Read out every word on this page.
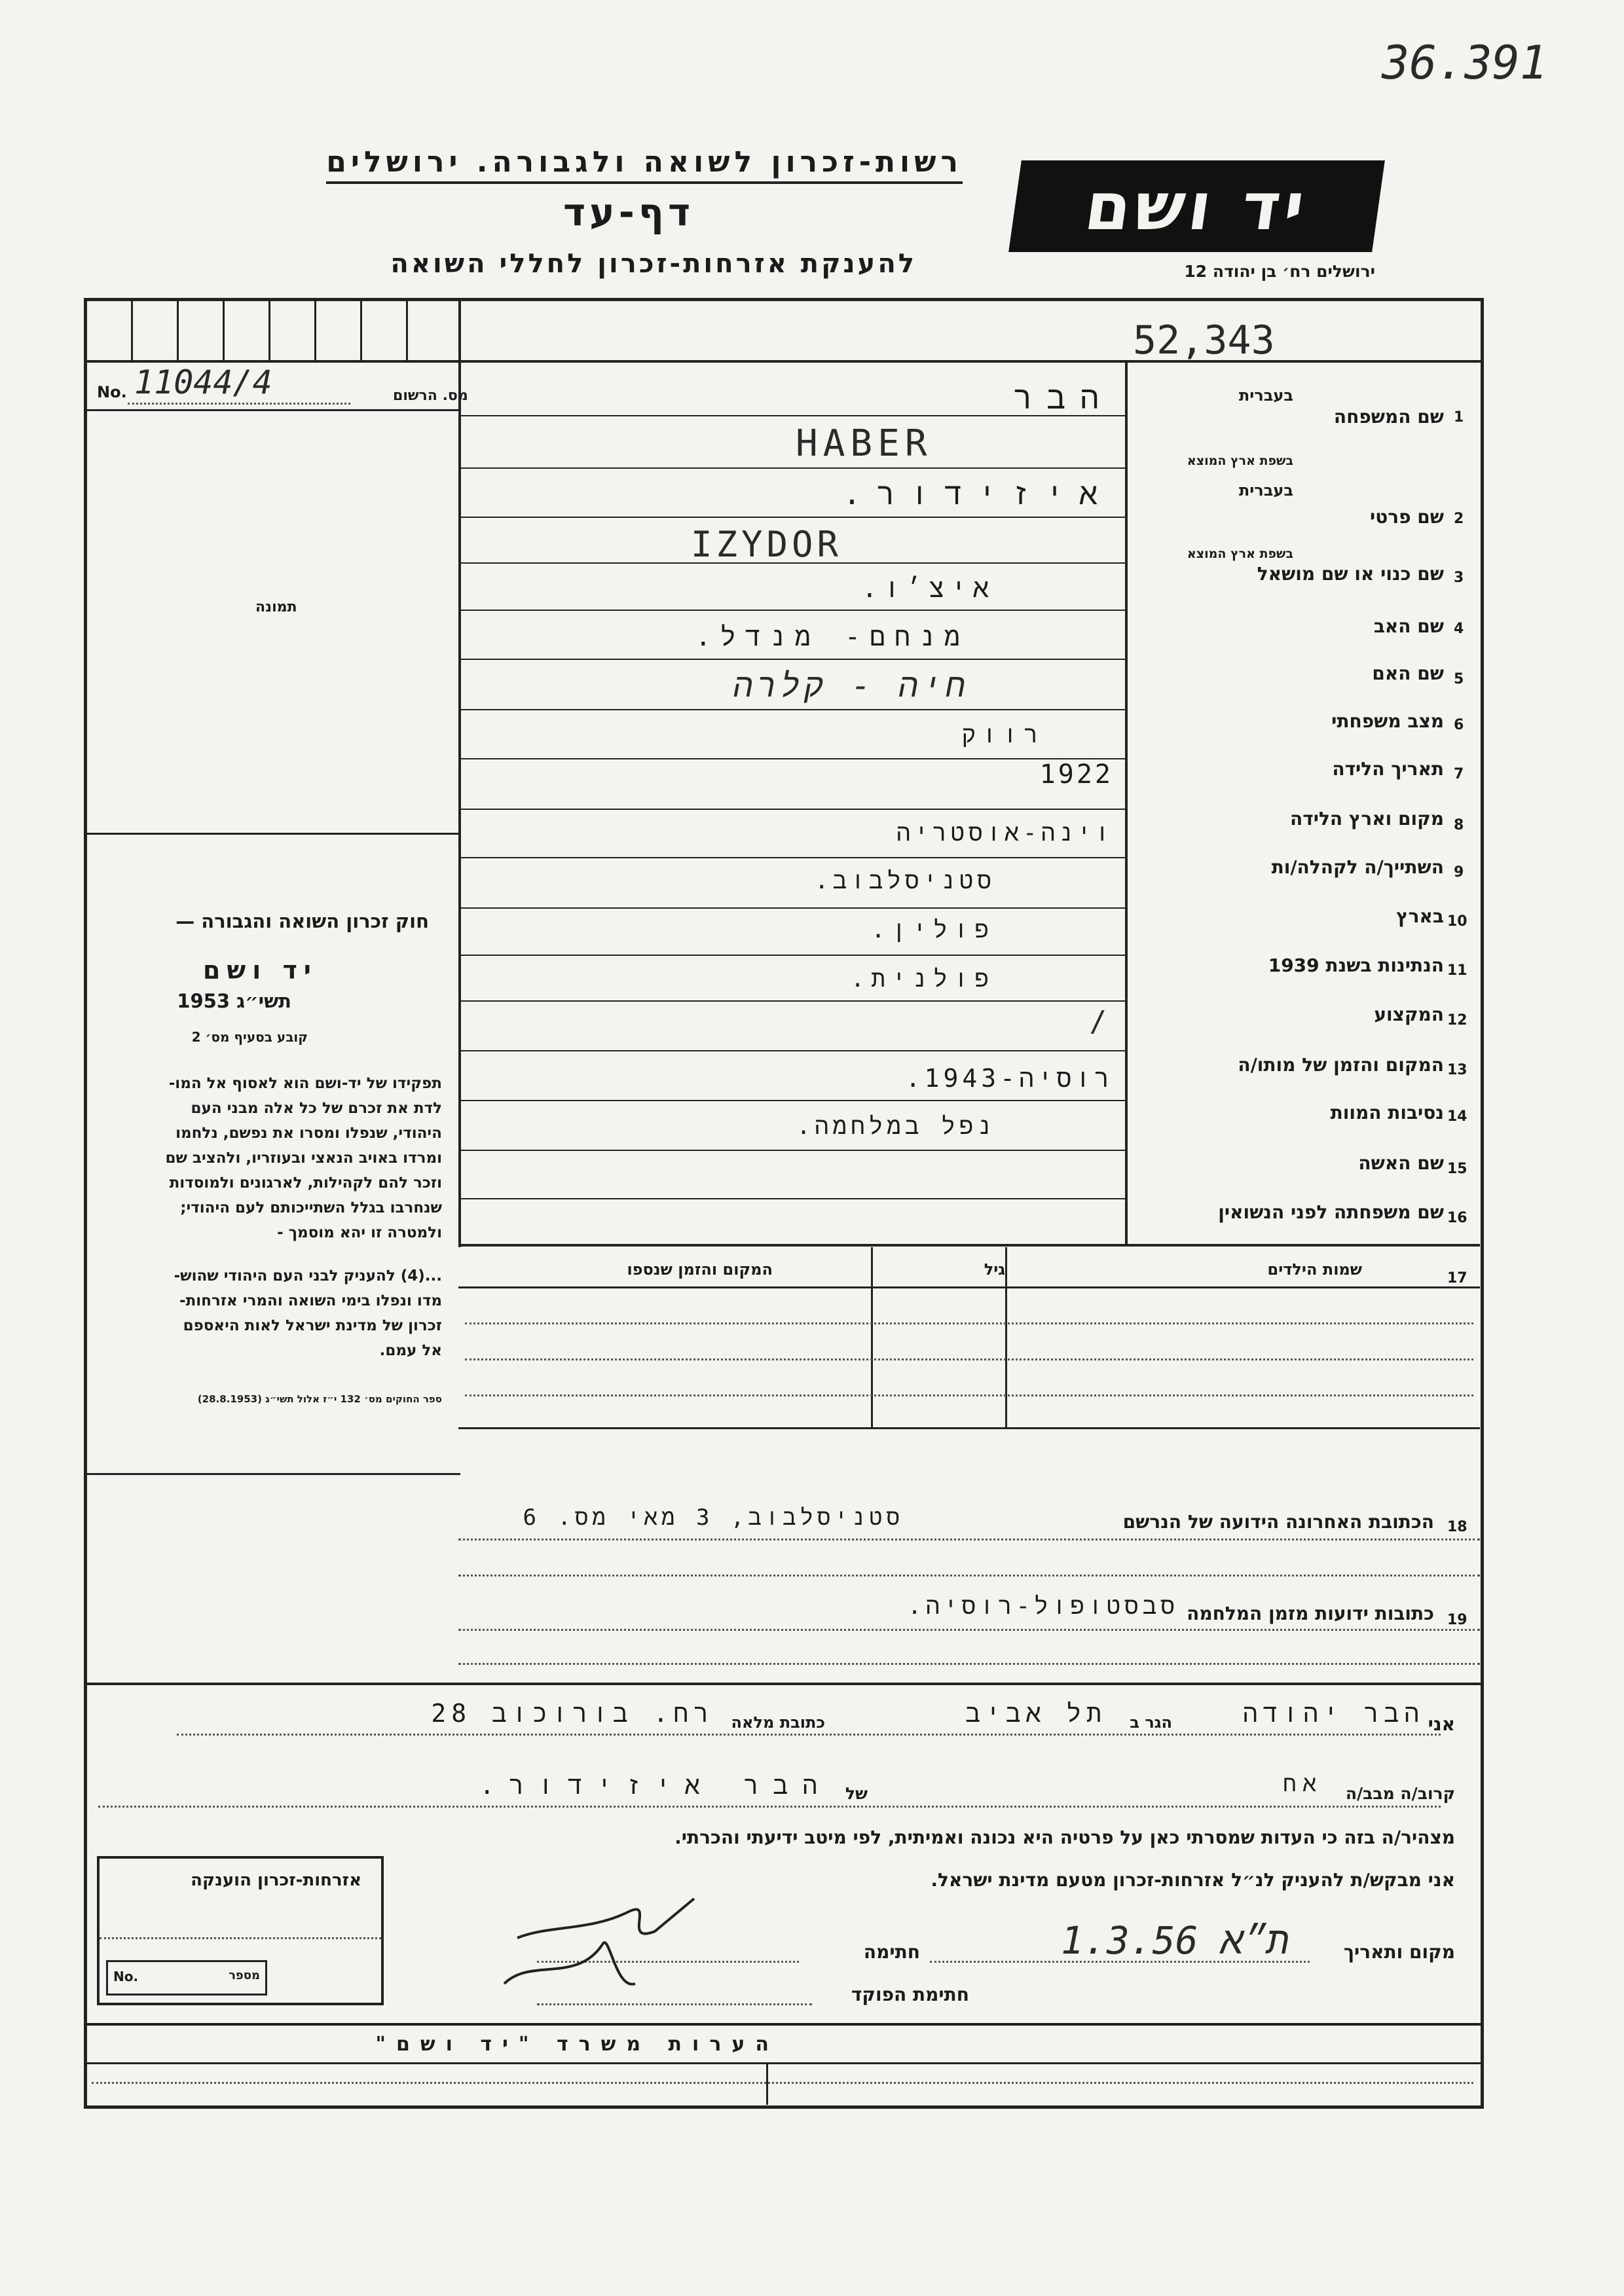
36.391
רשות-זכרון לשואה ולגבורה. ירושלים
דף-עד
להענקת אזרחות-זכרון לחללי השואה
יד ושם
ירושלים רח׳ בן יהודה 12
52,343
No. 11044/4	מס. הרשום
תמונה
חוק זכרון השואה והגבורה —
יד ושם
תשי״ג 1953
קובע בסעיף מס׳ 2
תפקידו של יד-ושם הוא לאסוף אל המו-
לדת את זכרם של כל אלה מבני העם
היהודי, שנפלו ומסרו את נפשם, נלחמו
ומרדו באויב הנאצי ובעוזריו, ולהציב שם
וזכר להם לקהילות, לארגונים ולמוסדות
שנחרבו בגלל השתייכותם לעם היהודי;
ולמטרה זו יהא מוסמך -
...(4) להעניק לבני העם היהודי שהוש-
מדו ונפלו בימי השואה והמרי אזרחות-
זכרון של מדינת ישראל לאות היאספם
אל עמם.
ספר החוקים מס׳ 132 י״ז אלול תשי״ג (28.8.1953)
1
שם המשפחה
בעברית
בשפת ארץ המוצא
הבר
HABER
2
שם פרטי
בעברית
בשפת ארץ המוצא
איזידור.
IZYDOR
3
שם כנוי או שם מושאל
איצ׳ו.
4
שם האב
מנחם- מנדל.
5
שם האם
חיה - קלרה
6
מצב משפחתי
רווק
7
תאריך הלידה
1922
8
מקום וארץ הלידה
וינה-אוסטריה
9
השתייך/ה לקהלה/ות
סטניסלבוב.
10
בארץ
פולין.
11
הנתינות בשנת 1939
פולנית.
12
המקצוע
/
13
המקום והזמן של מותו/ה
רוסיה-1943.
14
נסיבות המוות
נפל במלחמה.
15
שם האשה
16
שם משפחתה לפני הנשואין
17
שמות הילדים
גיל
המקום והזמן שנספו
18
הכתובת האחרונה הידועה של הנרשם
סטניסלבוב, 3 מאי מס. 6
19
כתובות ידועות מזמן המלחמה
סבסטופול-רוסיה.
אני
הבר יהודה
הגר ב
תל אביב
כתובת מלאה
רח. בורוכוב 28
קרוב/ה מבב/ה
אח
של
הבר איזידור.
מצהיר/ה בזה כי העדות שמסרתי כאן על פרטיה היא נכונה ואמיתית, לפי מיטב ידיעתי והכרתי.
אני מבקש/ת להעניק לנ״ל אזרחות-זכרון מטעם מדינת ישראל.
מקום ותאריך
1.3.56 ת״א
חתימה
חתימת הפוקד
אזרחות-זכרון הוענקה
No.	מספר
הערות משרד "יד ושם"
